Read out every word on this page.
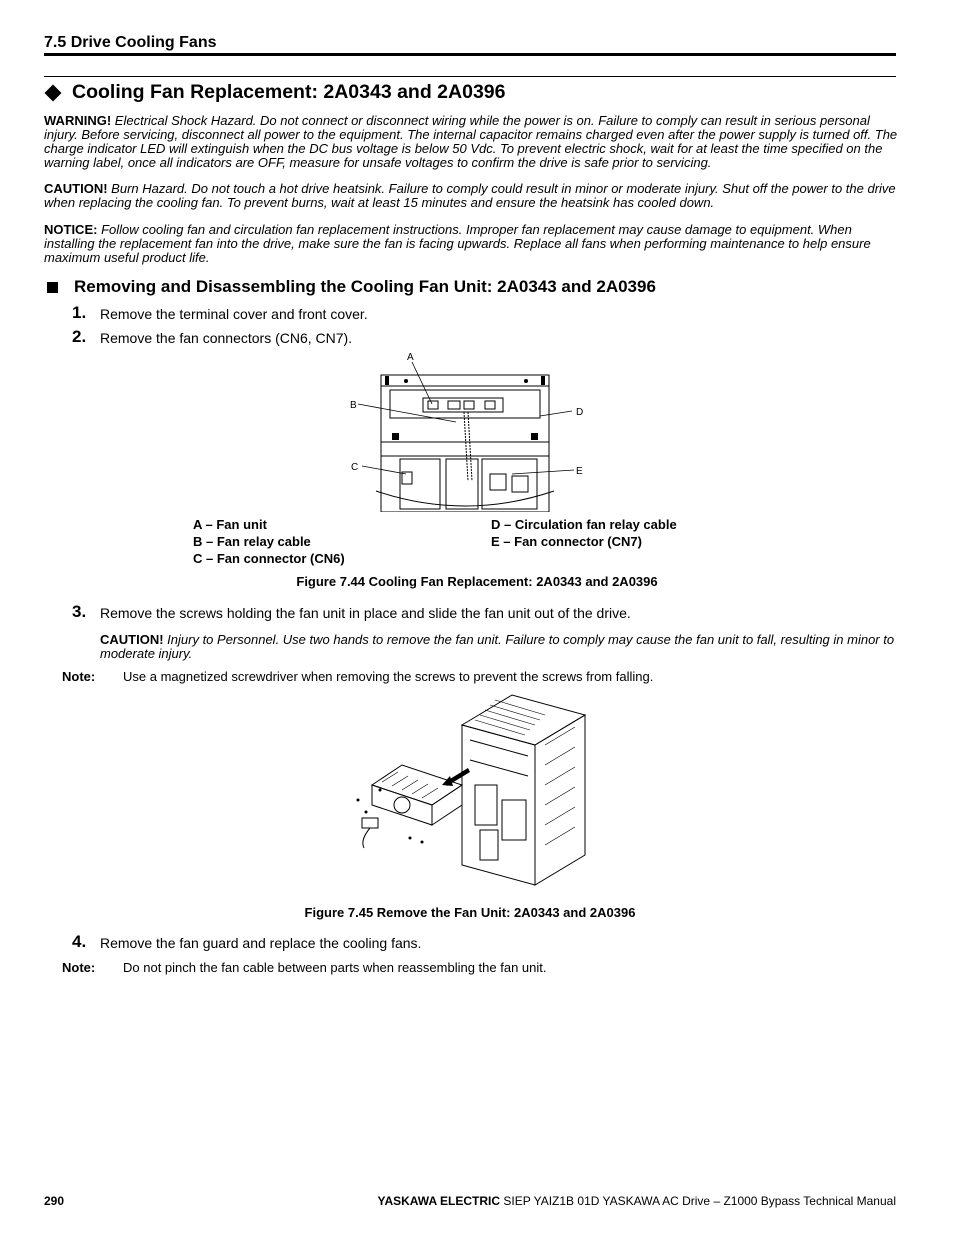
7.5 Drive Cooling Fans
Cooling Fan Replacement: 2A0343 and 2A0396
WARNING! Electrical Shock Hazard. Do not connect or disconnect wiring while the power is on. Failure to comply can result in serious personal injury. Before servicing, disconnect all power to the equipment. The internal capacitor remains charged even after the power supply is turned off. The charge indicator LED will extinguish when the DC bus voltage is below 50 Vdc. To prevent electric shock, wait for at least the time specified on the warning label, once all indicators are OFF, measure for unsafe voltages to confirm the drive is safe prior to servicing.
CAUTION! Burn Hazard. Do not touch a hot drive heatsink. Failure to comply could result in minor or moderate injury. Shut off the power to the drive when replacing the cooling fan. To prevent burns, wait at least 15 minutes and ensure the heatsink has cooled down.
NOTICE: Follow cooling fan and circulation fan replacement instructions. Improper fan replacement may cause damage to equipment. When installing the replacement fan into the drive, make sure the fan is facing upwards. Replace all fans when performing maintenance to help ensure maximum useful product life.
Removing and Disassembling the Cooling Fan Unit: 2A0343 and 2A0396
1. Remove the terminal cover and front cover.
2. Remove the fan connectors (CN6, CN7).
A
B
C
D
E
A – Fan unit
B – Fan relay cable
C – Fan connector (CN6)
D – Circulation fan relay cable
E – Fan connector (CN7)
Figure 7.44 Cooling Fan Replacement: 2A0343 and 2A0396
3. Remove the screws holding the fan unit in place and slide the fan unit out of the drive.
CAUTION! Injury to Personnel. Use two hands to remove the fan unit. Failure to comply may cause the fan unit to fall, resulting in minor to moderate injury.
Note: Use a magnetized screwdriver when removing the screws to prevent the screws from falling.
Figure 7.45 Remove the Fan Unit: 2A0343 and 2A0396
4. Remove the fan guard and replace the cooling fans.
Note: Do not pinch the fan cable between parts when reassembling the fan unit.
290	YASKAWA ELECTRIC SIEP YAIZ1B 01D YASKAWA AC Drive – Z1000 Bypass Technical Manual
